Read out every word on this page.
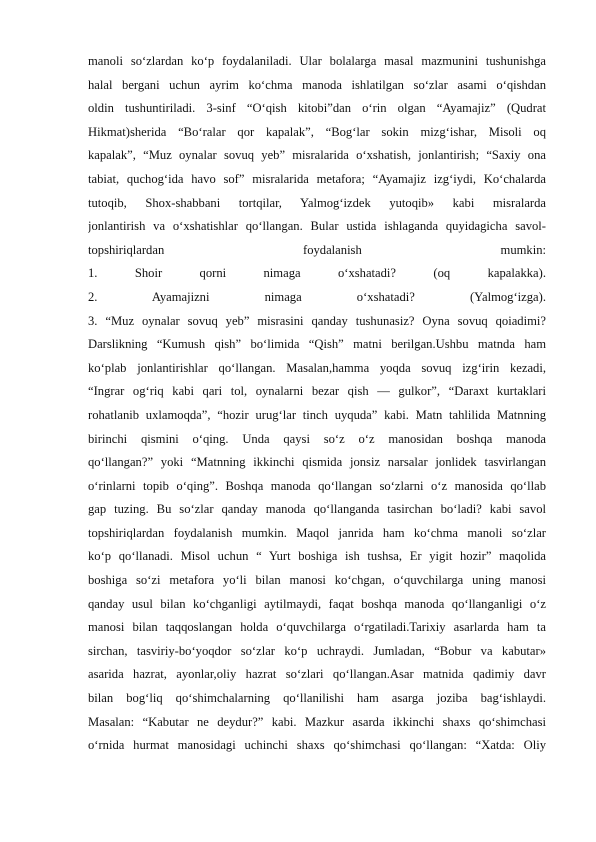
manoli so‘zlardan ko‘p foydalaniladi. Ular bolalarga masal mazmunini tushunishga
halal bergani uchun ayrim ko‘chma manoda ishlatilgan so‘zlar asami o‘qishdan
oldin tushuntiriladi. 3-sinf “O‘qish kitobi”dan o‘rin olgan “Ayamajiz” (Qudrat
Hikmat)sherida “Bo‘ralar qor kapalak”, “Bog‘lar sokin mizg‘ishar, Misoli oq
kapalak”, “Muz oynalar sovuq yeb” misralarida o‘xshatish, jonlantirish; “Saxiy ona
tabiat, quchog‘ida havo sof” misralarida metafora; “Ayamajiz izg‘iydi, Ko‘chalarda
tutoqib, Shox-shabbani tortqilar, Yalmog‘izdek yutoqib» kabi misralarda
jonlantirish va o‘xshatishlar qo‘llangan. Bular ustida ishlaganda quyidagicha savol-
topshiriqlardan foydalanish mumkin:
1. Shoir qorni nimaga o‘xshatadi? (oq kapalakka).
2. Ayamajizni nimaga o‘xshatadi? (Yalmog‘izga).
3. “Muz oynalar sovuq yeb” misrasini qanday tushunasiz? Oyna sovuq qoiadimi?
Darslikning “Kumush qish” bo‘limida “Qish” matni berilgan.Ushbu matnda ham
ko‘plab jonlantirishlar qo‘llangan. Masalan,hamma yoqda sovuq izg‘irin kezadi,
“Ingrar og‘riq kabi qari tol, oynalarni bezar qish — gulkor”, “Daraxt kurtaklari
rohatlanib uxlamoqda”, “hozir urug‘lar tinch uyquda” kabi. Matn tahlilida Matnning
birinchi qismini o‘qing. Unda qaysi so‘z o‘z manosidan boshqa manoda
qo‘llangan?” yoki “Matnning ikkinchi qismida jonsiz narsalar jonlidek tasvirlangan
o‘rinlarni topib o‘qing”. Boshqa manoda qo‘llangan so‘zlarni o‘z manosida qo‘llab
gap tuzing. Bu so‘zlar qanday manoda qo‘llanganda tasirchan bo‘ladi? kabi savol
topshiriqlardan foydalanish mumkin. Maqol janrida ham ko‘chma manoli so‘zlar
ko‘p qo‘llanadi. Misol uchun “ Yurt boshiga ish tushsa, Er yigit hozir” maqolida
boshiga so‘zi metafora yo‘li bilan manosi ko‘chgan, o‘quvchilarga uning manosi
qanday usul bilan ko‘chganligi aytilmaydi, faqat boshqa manoda qo‘llanganligi o‘z
manosi bilan taqqoslangan holda o‘quvchilarga o‘rgatiladi.Tarixiy asarlarda ham ta
sirchan, tasviriy-bo‘yoqdor so‘zlar ko‘p uchraydi. Jumladan, “Bobur va kabutar»
asarida hazrat, ayonlar,oliy hazrat so‘zlari qo‘llangan.Asar matnida qadimiy davr
bilan bog‘liq qo‘shimchalarning qo‘llanilishi ham asarga joziba bag‘ishlaydi.
Masalan: “Kabutar ne deydur?” kabi. Mazkur asarda ikkinchi shaxs qo‘shimchasi
o‘rnida hurmat manosidagi uchinchi shaxs qo‘shimchasi qo‘llangan: “Xatda: Oliy
